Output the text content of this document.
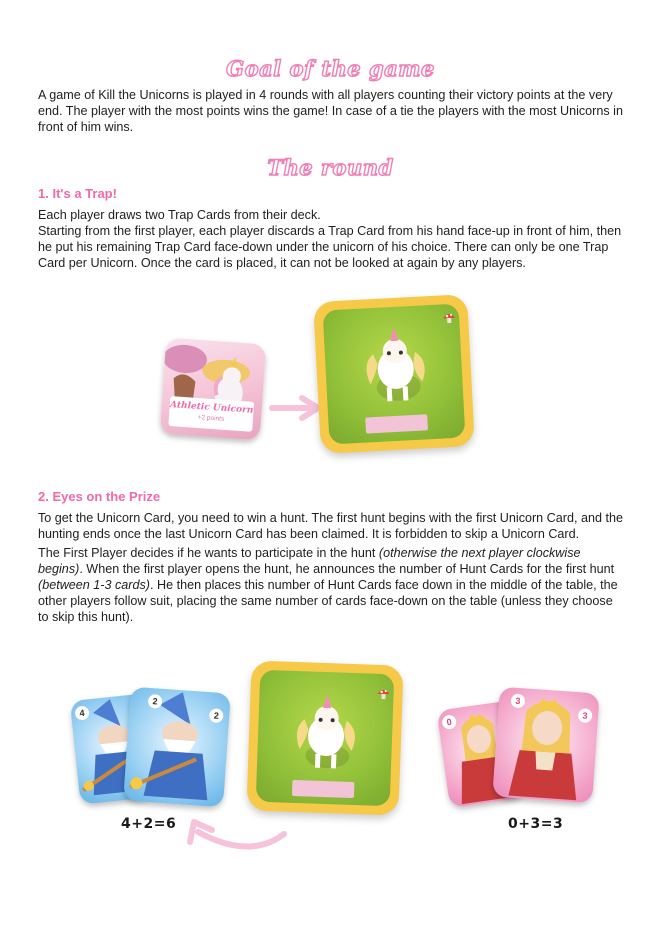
Goal of the game
A game of Kill the Unicorns is played in 4 rounds with all players counting their victory points at the very end. The player with the most points wins the game! In case of a tie the players with the most Unicorns in front of him wins.
The round
1. It's a Trap!
Each player draws two Trap Cards from their deck.
Starting from the first player, each player discards a Trap Card from his hand face-up in front of him, then he put his remaining Trap Card face-down under the unicorn of his choice. There can only be one Trap Card per Unicorn. Once the card is placed, it can not be looked at again by any players.
Athletic Unicorn
+2 points
2. Eyes on the Prize
To get the Unicorn Card, you need to win a hunt. The first hunt begins with the first Unicorn Card, and the hunting ends once the last Unicorn Card has been claimed. It is forbidden to skip a Unicorn Card.
The First Player decides if he wants to participate in the hunt (otherwise the next player clockwise begins). When the first player opens the hunt, he announces the number of Hunt Cards for the first hunt (between 1-3 cards). He then places this number of Hunt Cards face down in the middle of the table, the other players follow suit, placing the same number of cards face-down on the table (unless they choose to skip this hunt).
4
2
2
4+2=6
0
3
3
0+3=3
